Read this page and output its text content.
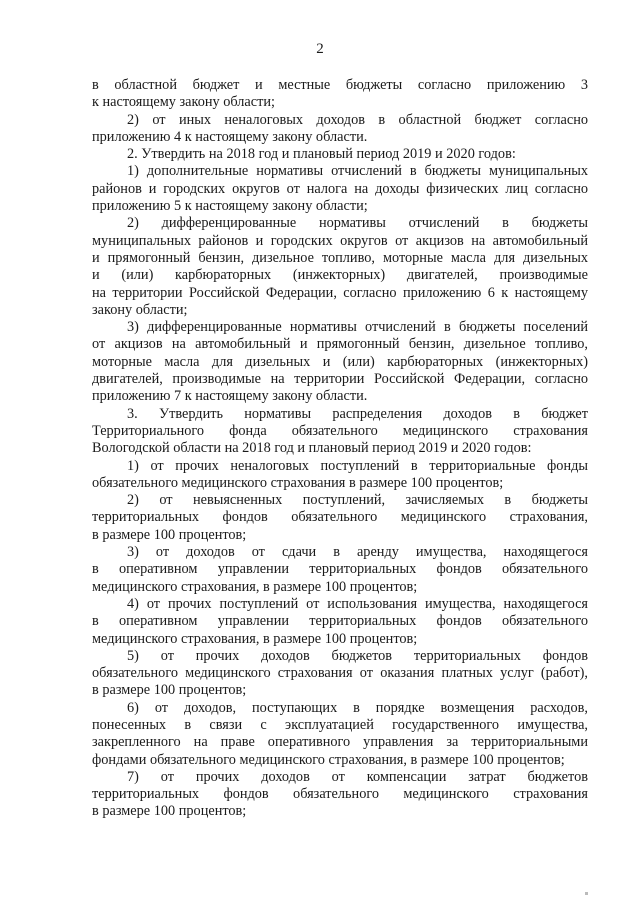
2
в областной бюджет и местные бюджеты согласно приложению 3
к настоящему закону области;
2) от иных неналоговых доходов в областной бюджет согласно
приложению 4 к настоящему закону области.
2. Утвердить на 2018 год и плановый период 2019 и 2020 годов:
1) дополнительные нормативы отчислений в бюджеты муниципальных
районов и городских округов от налога на доходы физических лиц согласно
приложению 5 к настоящему закону области;
2) дифференцированные нормативы отчислений в бюджеты
муниципальных районов и городских округов от акцизов на автомобильный
и прямогонный бензин, дизельное топливо, моторные масла для дизельных
и (или) карбюраторных (инжекторных) двигателей, производимые
на территории Российской Федерации, согласно приложению 6 к настоящему
закону области;
3) дифференцированные нормативы отчислений в бюджеты поселений
от акцизов на автомобильный и прямогонный бензин, дизельное топливо,
моторные масла для дизельных и (или) карбюраторных (инжекторных)
двигателей, производимые на территории Российской Федерации, согласно
приложению 7 к настоящему закону области.
3. Утвердить нормативы распределения доходов в бюджет
Территориального фонда обязательного медицинского страхования
Вологодской области на 2018 год и плановый период 2019 и 2020 годов:
1) от прочих неналоговых поступлений в территориальные фонды
обязательного медицинского страхования в размере 100 процентов;
2) от невыясненных поступлений, зачисляемых в бюджеты
территориальных фондов обязательного медицинского страхования,
в размере 100 процентов;
3) от доходов от сдачи в аренду имущества, находящегося
в оперативном управлении территориальных фондов обязательного
медицинского страхования, в размере 100 процентов;
4) от прочих поступлений от использования имущества, находящегося
в оперативном управлении территориальных фондов обязательного
медицинского страхования, в размере 100 процентов;
5) от прочих доходов бюджетов территориальных фондов
обязательного медицинского страхования от оказания платных услуг (работ),
в размере 100 процентов;
6) от доходов, поступающих в порядке возмещения расходов,
понесенных в связи с эксплуатацией государственного имущества,
закрепленного на праве оперативного управления за территориальными
фондами обязательного медицинского страхования, в размере 100 процентов;
7) от прочих доходов от компенсации затрат бюджетов
территориальных фондов обязательного медицинского страхования
в размере 100 процентов;
